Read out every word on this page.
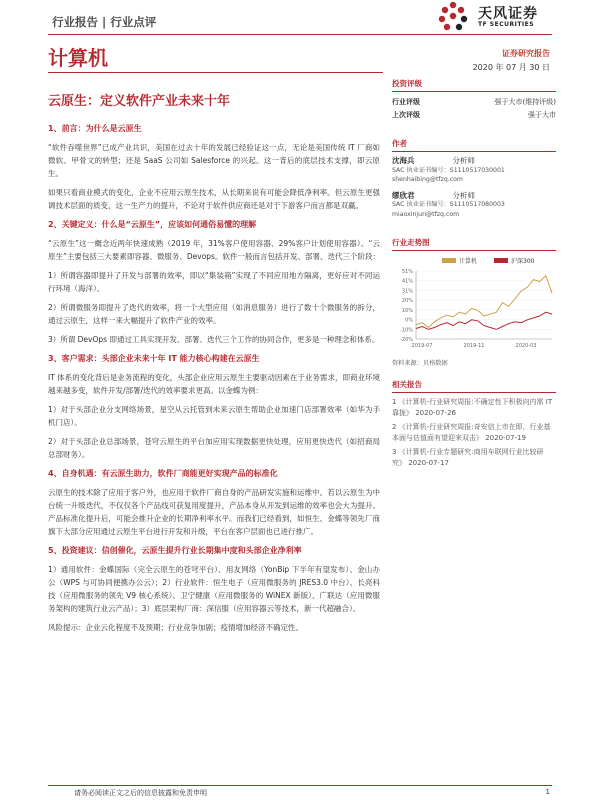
行业报告 | 行业点评	天风证券
TF SECURITIES
计算机	证券研究报告
2020 年 07 月 30 日
云原生：定义软件产业未来十年
1、前言：为什么是云原生

“软件吞噬世界”已成产业共识，美国在过去十年的发展已经验证这一点，无论是美国传统 IT 厂商如微软、甲骨文的转型；还是 SaaS 公司如 Salesforce 的兴起。这一背后的底层技术支撑，即云原生。

如果只看商业模式的变化，企业不应用云原生技术，从长期来说有可能会降低净利率。但云原生更强调技术层面的质变，这一生产力的提升，不论对于软件供应商还是对于下游客户而言都是双赢。

2、关键定义：什么是“云原生”，应该如何通俗易懂的理解

“云原生”这一概念近两年快速成熟（2019 年，31%客户使用容器、29%客户计划使用容器）。“云原生”主要包括三大要素即容器、微服务、Devops。软件一般而言包括开发、部署、迭代三个阶段：

1）所谓容器即提升了开发与部署的效率，即以“集装箱”实现了不同应用地方隔离，更好应对不同运行环境（海洋）。

2）所谓微服务即提升了迭代的效率，将一个大型应用（如消息服务）进行了数十个微服务的拆分，通过云原生，这样一来大幅提升了软件产业的效率。

3）所谓 DevOps 即通过工具实现开发、部署、迭代三个工作的协同合作，更多是一种理念和体系。

3、客户需求：头部企业未来十年 IT 能力核心构建在云原生

IT 体系的变化背后是业务流程的变化，头部企业应用云原生主要驱动因素在于业务需求，即商业环境越来越多变，软件开发/部署/迭代的效率要求更高。以金蝶为例：

1）对于头部企业分支网络场景，星空从云托管到未来云原生帮助企业加速门店部署效率（如华为手机门店）。

2）对于头部企业总部场景，苍穹云原生的平台加应用实现数据更快处理，应用更快迭代（如招商局总部财务）。

4、自身机遇：有云原生助力，软件厂商能更好实现产品的标准化

云原生的技术除了应用于客户外，也应用于软件厂商自身的产品研发实施和运维中。若以云原生为中台统一升级迭代，不仅仅各个产品线可获复用度提升，产品本身从开发到运维的效率也会大为提升。产品标准化提升后，可能会推升企业的长期净利率水平。而我们已经看到，如恒生、金蝶等领先厂商旗下大部分应用通过云原生平台进行开发和升级，平台在客户层面也已进行推广。

5、投资建议：信创催化，云原生提升行业长期集中度和头部企业净利率

1）通用软件：金蝶国际（完全云原生的苍穹平台）、用友网络（YonBip 下半年有望发布）、金山办公（WPS 与可协同便携办公云）；2）行业软件：恒生电子（应用微服务的 JRES3.0 中台）、长亮科技（应用微服务的领先 V9 核心系统）、卫宁健康（应用微服务的 WiNEX 新版）、广联达（应用微服务架构的建筑行业云产品）；3）底层架构厂商：深信服（应用容器云等技术，新一代超融合）。

风险提示：企业云化程度不及预期；行业竞争加剧；疫情增加经济不确定性。

投资评级
行业评级	强于大市(维持评级)
上次评级	强于大市
作者
沈海兵	分析师
SAC 执业证书编号：S1110517030001
shenhaibing@tfzq.com
缪欣君	分析师
SAC 执业证书编号：S1110517080003
miaoxinjun@tfzq.com
行业走势图
计算机	沪深300
51%
41%
31%
20%
10%
0%
-10%
-20%
2019-07	2019-11	2020-03
资料来源：贝格数据
相关报告
1 《计算机-行业研究周报:不确定性下积极向内需 IT 靠拢》 2020-07-26
2 《计算机-行业研究周报:奇安信上市在即，行业基本面与估值面有望迎来双击》 2020-07-19
3 《计算机-行业专题研究:商用车联网行业比较研究》 2020-07-17
请务必阅读正文之后的信息披露和免责申明	1
